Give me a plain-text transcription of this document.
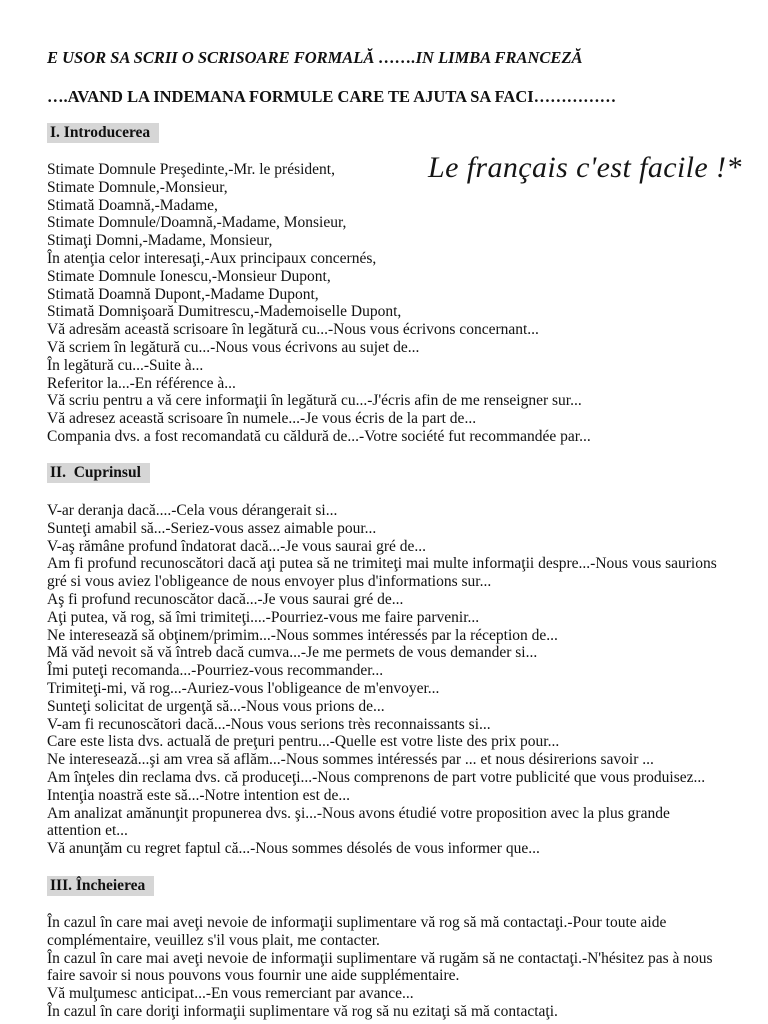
E USOR SA SCRII O SCRISOARE FORMALĂ …….IN LIMBA FRANCEZĂ
….AVAND LA INDEMANA FORMULE CARE TE AJUTA SA FACI……………
Le français c'est facile !*
I. Introducerea
Stimate Domnule Preşedinte,-Mr. le président,
Stimate Domnule,-Monsieur,
Stimată Doamnă,-Madame,
Stimate Domnule/Doamnă,-Madame, Monsieur,
Stimaţi Domni,-Madame, Monsieur,
În atenţia celor interesaţi,-Aux principaux concernés,
Stimate Domnule Ionescu,-Monsieur Dupont,
Stimată Doamnă Dupont,-Madame Dupont,
Stimată Domnişoară Dumitrescu,-Mademoiselle Dupont,
Vă adresăm această scrisoare în legătură cu...-Nous vous écrivons concernant...
Vă scriem în legătură cu...-Nous vous écrivons au sujet de...
În legătură cu...-Suite à...
Referitor la...-En référence à...
Vă scriu pentru a vă cere informaţii în legătură cu...-J'écris afin de me renseigner sur...
Vă adresez această scrisoare în numele...-Je vous écris de la part de...
Compania dvs. a fost recomandată cu căldură de...-Votre société fut recommandée par...
II.  Cuprinsul
V-ar deranja dacă....-Cela vous dérangerait si...
Sunteţi amabil să...-Seriez-vous assez aimable pour...
V-aş rămâne profund îndatorat dacă...-Je vous saurai gré de...
Am fi profund recunoscători dacă aţi putea să ne trimiteţi mai multe informaţii despre...-Nous vous saurions
gré si vous aviez l'obligeance de nous envoyer plus d'informations sur...
Aş fi profund recunoscător dacă...-Je vous saurai gré de...
Aţi putea, vă rog, să îmi trimiteţi....-Pourriez-vous me faire parvenir...
Ne interesează să obţinem/primim...-Nous sommes intéressés par la réception de...
Mă văd nevoit să vă întreb dacă cumva...-Je me permets de vous demander si...
Îmi puteţi recomanda...-Pourriez-vous recommander...
Trimiteţi-mi, vă rog...-Auriez-vous l'obligeance de m'envoyer...
Sunteţi solicitat de urgenţă să...-Nous vous prions de...
V-am fi recunoscători dacă...-Nous vous serions très reconnaissants si...
Care este lista dvs. actuală de preţuri pentru...-Quelle est votre liste des prix pour...
Ne interesează...şi am vrea să aflăm...-Nous sommes intéressés par ... et nous désirerions savoir ...
Am înţeles din reclama dvs. că produceţi...-Nous comprenons de part votre publicité que vous produisez...
Intenţia noastră este să...-Notre intention est de...
Am analizat amănunţit propunerea dvs. şi...-Nous avons étudié votre proposition avec la plus grande
attention et...
Vă anunţăm cu regret faptul că...-Nous sommes désolés de vous informer que...
III. Încheierea
În cazul în care mai aveţi nevoie de informaţii suplimentare vă rog să mă contactaţi.-Pour toute aide
complémentaire, veuillez s'il vous plait, me contacter.
În cazul în care mai aveţi nevoie de informaţii suplimentare vă rugăm să ne contactaţi.-N'hésitez pas à nous
faire savoir si nous pouvons vous fournir une aide supplémentaire.
Vă mulţumesc anticipat...-En vous remerciant par avance...
În cazul în care doriţi informaţii suplimentare vă rog să nu ezitaţi să mă contactaţi.
